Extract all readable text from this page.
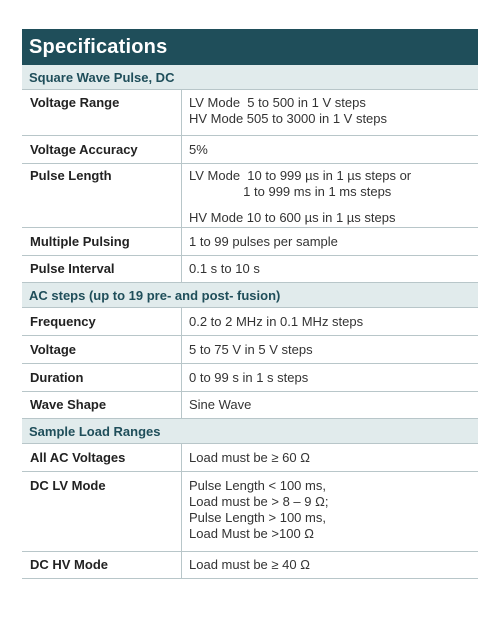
Specifications
Square Wave Pulse, DC
Voltage Range	LV Mode  5 to 500 in 1 V steps
HV Mode 505 to 3000 in 1 V steps
Voltage Accuracy	5%
Pulse Length	LV Mode  10 to 999 µs in 1 µs steps or
1 to 999 ms in 1 ms steps
HV Mode 10 to 600 µs in 1 µs steps
Multiple Pulsing	1 to 99 pulses per sample
Pulse Interval	0.1 s to 10 s
AC steps (up to 19 pre- and post- fusion)
Frequency	0.2 to 2 MHz in 0.1 MHz steps
Voltage	5 to 75 V in 5 V steps
Duration	0 to 99 s in 1 s steps
Wave Shape	Sine Wave
Sample Load Ranges
All AC Voltages	Load must be ≥ 60 Ω
DC LV Mode	Pulse Length < 100 ms,
Load must be > 8 – 9 Ω;
Pulse Length > 100 ms,
Load Must be >100 Ω
DC HV Mode	Load must be ≥ 40 Ω
